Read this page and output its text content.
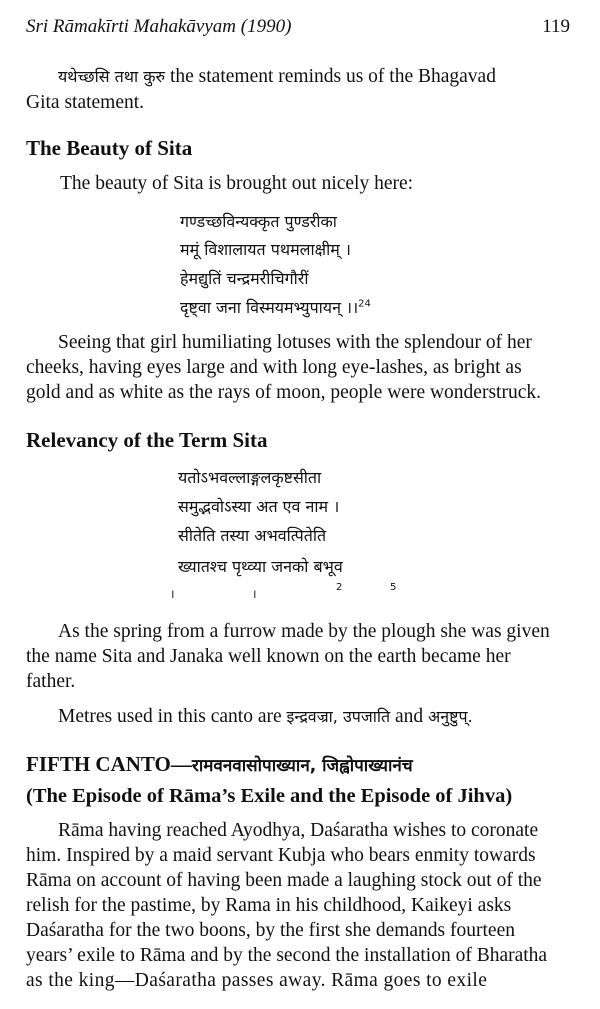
Sri Rāmakīrti Mahakāvyam (1990)	119
यथेच्छसि तथा कुरु the statement reminds us of the Bhagavad
Gita statement.
The Beauty of Sita
The beauty of Sita is brought out nicely here:
गण्डच्छविन्यक्कृत पुण्डरीका
ममूं विशालायत पथमलाक्षीम् ।
हेमद्युतिं चन्द्रमरीचिगौरीं
दृष्ट्वा जना विस्मयमभ्युपायन् ।।$^{24}$
Seeing that girl humiliating lotuses with the splendour of her
cheeks, having eyes large and with long eye-lashes, as bright as
gold and as white as the rays of moon, people were wonderstruck.
Relevancy of the Term Sita
यतोऽभवल्लाङ्गलकृष्टसीता
समुद्भवोऽस्या अत एव नाम ।
सीतेति तस्या अभवत्पितेति
ख्यातश्च पृथ्व्या जनको बभूव
।	।	2	5
As the spring from a furrow made by the plough she was given
the name Sita and Janaka well known on the earth became her
father.
Metres used in this canto are इन्द्रवज्रा, उपजाति and अनुष्टुप्.
FIFTH CANTO—रामवनवासोपाख्यान, जिह्वोपाख्यानंच
(The Episode of Rāma’s Exile and the Episode of Jihva)
Rāma having reached Ayodhya, Daśaratha wishes to coronate
him. Inspired by a maid servant Kubja who bears enmity towards
Rāma on account of having been made a laughing stock out of the
relish for the pastime, by Rama in his childhood, Kaikeyi asks
Daśaratha for the two boons, by the first she demands fourteen
years’ exile to Rāma and by the second the installation of Bharatha
as the king—Daśaratha passes away. Rāma goes to exile
